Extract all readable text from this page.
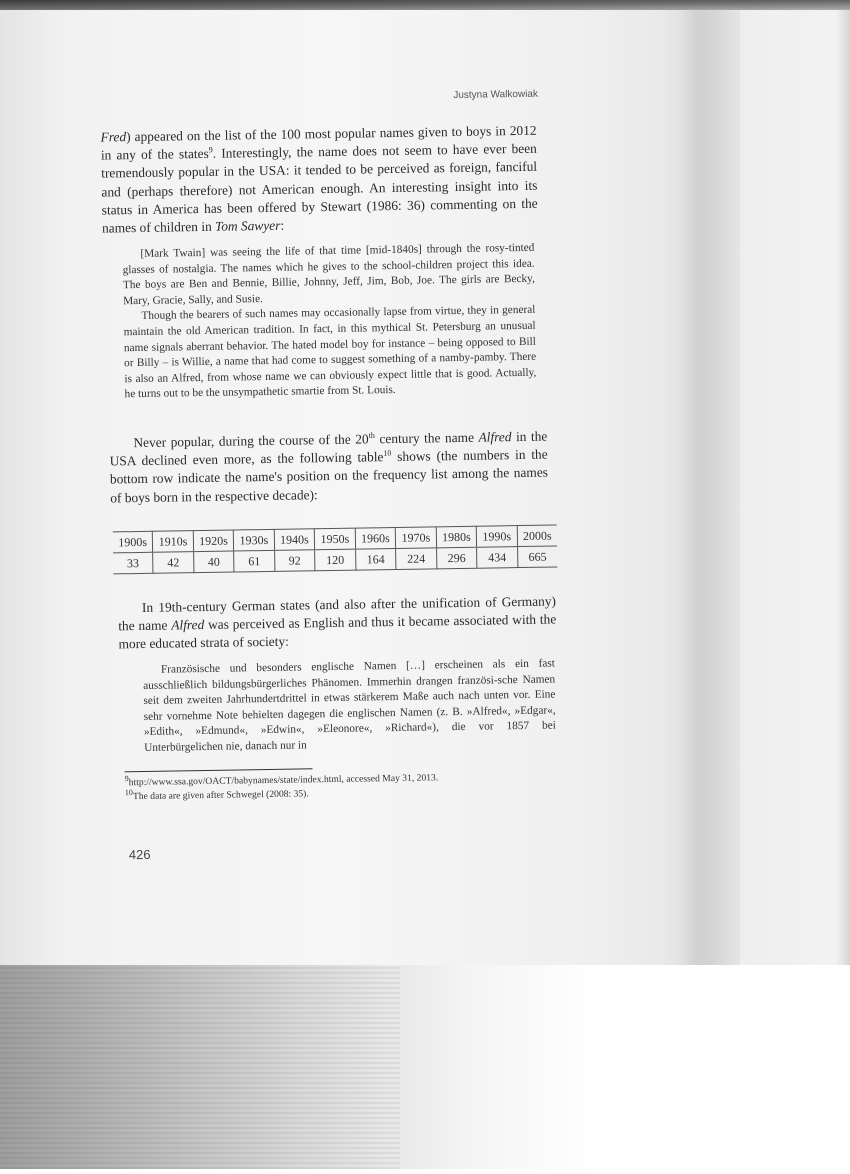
Justyna Walkowiak

Fred) appeared on the list of the 100 most popular names given to boys in 2012 in any of the states$^9$. Interestingly, the name does not seem to have ever been tremendously popular in the USA: it tended to be perceived as foreign, fanciful and (perhaps therefore) not American enough. An interesting insight into its status in America has been offered by Stewart (1986: 36) commenting on the names of children in Tom Sawyer:

[Mark Twain] was seeing the life of that time [mid-1840s] through the rosy-tinted glasses of nostalgia. The names which he gives to the school-children project this idea. The boys are Ben and Bennie, Billie, Johnny, Jeff, Jim, Bob, Joe. The girls are Becky, Mary, Gracie, Sally, and Susie.

Though the bearers of such names may occasionally lapse from virtue, they in general maintain the old American tradition. In fact, in this mythical St. Petersburg an unusual name signals aberrant behavior. The hated model boy for instance – being opposed to Bill or Billy – is Willie, a name that had come to suggest something of a namby-pamby. There is also an Alfred, from whose name we can obviously expect little that is good. Actually, he turns out to be the unsympathetic smartie from St. Louis.

Never popular, during the course of the 20th century the name Alfred in the USA declined even more, as the following table$^{10}$ shows (the numbers in the bottom row indicate the name's position on the frequency list among the names of boys born in the respective decade):

1900s	1910s	1920s	1930s	1940s	1950s	1960s	1970s	1980s	1990s	2000s
33	42	40	61	92	120	164	224	296	434	665

In 19th-century German states (and also after the unification of Germany) the name Alfred was perceived as English and thus it became associated with the more educated strata of society:

Französische und besonders englische Namen […] erscheinen als ein fast ausschließlich bildungsbürgerliches Phänomen. Immerhin drangen französi-sche Namen seit dem zweiten Jahrhundertdrittel in etwas stärkerem Maße auch nach unten vor. Eine sehr vornehme Note behielten dagegen die englischen Namen (z. B. »Alfred«, »Edgar«, »Edith«, »Edmund«, »Edwin«, »Eleonore«, »Richard«), die vor 1857 bei Unterbürgelichen nie, danach nur in

$^9$http://www.ssa.gov/OACT/babynames/state/index.html, accessed May 31, 2013.

$^{10}$The data are given after Schwegel (2008: 35).

426
